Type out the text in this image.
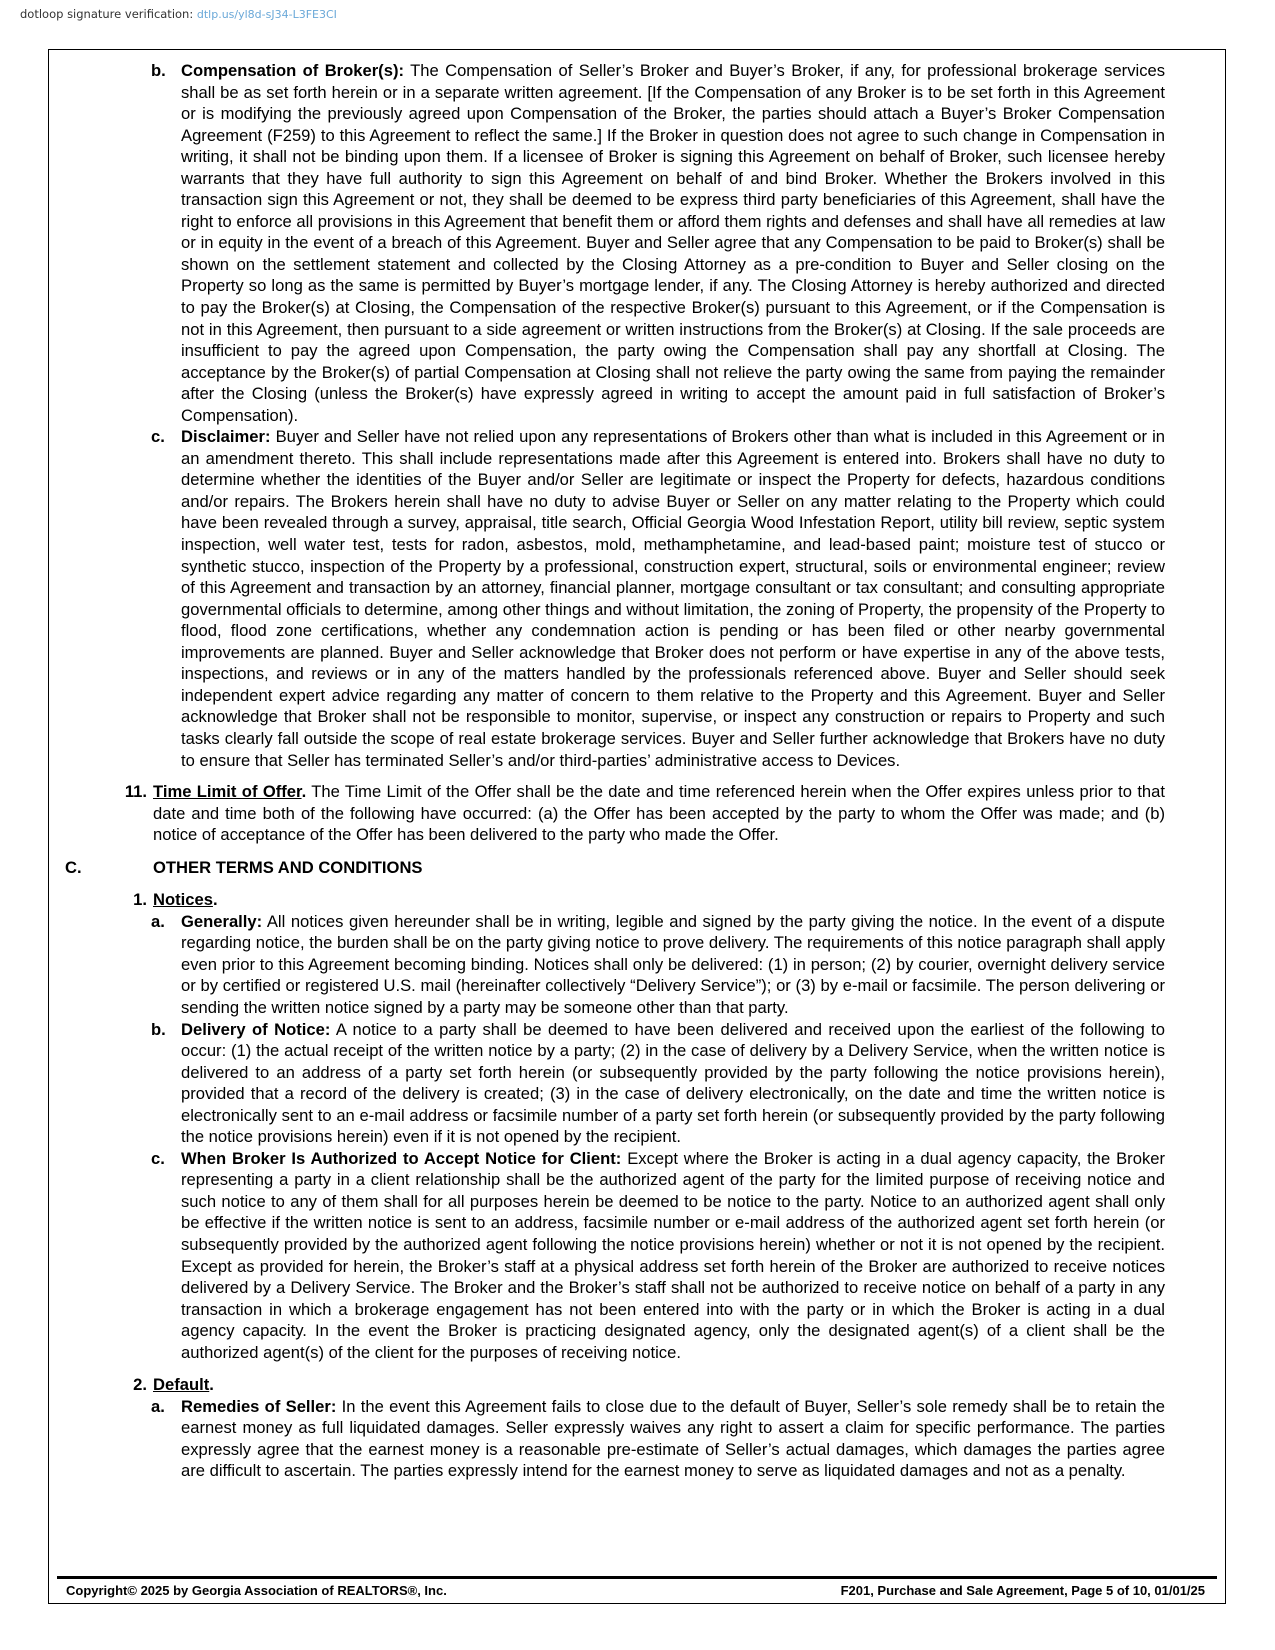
dotloop signature verification: dtlp.us/yl8d-sJ34-L3FE3CI
b. Compensation of Broker(s): The Compensation of Seller’s Broker and Buyer’s Broker, if any, for professional brokerage services shall be as set forth herein or in a separate written agreement. [If the Compensation of any Broker is to be set forth in this Agreement or is modifying the previously agreed upon Compensation of the Broker, the parties should attach a Buyer’s Broker Compensation Agreement (F259) to this Agreement to reflect the same.] If the Broker in question does not agree to such change in Compensation in writing, it shall not be binding upon them. If a licensee of Broker is signing this Agreement on behalf of Broker, such licensee hereby warrants that they have full authority to sign this Agreement on behalf of and bind Broker. Whether the Brokers involved in this transaction sign this Agreement or not, they shall be deemed to be express third party beneficiaries of this Agreement, shall have the right to enforce all provisions in this Agreement that benefit them or afford them rights and defenses and shall have all remedies at law or in equity in the event of a breach of this Agreement. Buyer and Seller agree that any Compensation to be paid to Broker(s) shall be shown on the settlement statement and collected by the Closing Attorney as a pre-condition to Buyer and Seller closing on the Property so long as the same is permitted by Buyer’s mortgage lender, if any. The Closing Attorney is hereby authorized and directed to pay the Broker(s) at Closing, the Compensation of the respective Broker(s) pursuant to this Agreement, or if the Compensation is not in this Agreement, then pursuant to a side agreement or written instructions from the Broker(s) at Closing. If the sale proceeds are insufficient to pay the agreed upon Compensation, the party owing the Compensation shall pay any shortfall at Closing. The acceptance by the Broker(s) of partial Compensation at Closing shall not relieve the party owing the same from paying the remainder after the Closing (unless the Broker(s) have expressly agreed in writing to accept the amount paid in full satisfaction of Broker’s Compensation).
c. Disclaimer: Buyer and Seller have not relied upon any representations of Brokers other than what is included in this Agreement or in an amendment thereto. This shall include representations made after this Agreement is entered into. Brokers shall have no duty to determine whether the identities of the Buyer and/or Seller are legitimate or inspect the Property for defects, hazardous conditions and/or repairs. The Brokers herein shall have no duty to advise Buyer or Seller on any matter relating to the Property which could have been revealed through a survey, appraisal, title search, Official Georgia Wood Infestation Report, utility bill review, septic system inspection, well water test, tests for radon, asbestos, mold, methamphetamine, and lead-based paint; moisture test of stucco or synthetic stucco, inspection of the Property by a professional, construction expert, structural, soils or environmental engineer; review of this Agreement and transaction by an attorney, financial planner, mortgage consultant or tax consultant; and consulting appropriate governmental officials to determine, among other things and without limitation, the zoning of Property, the propensity of the Property to flood, flood zone certifications, whether any condemnation action is pending or has been filed or other nearby governmental improvements are planned. Buyer and Seller acknowledge that Broker does not perform or have expertise in any of the above tests, inspections, and reviews or in any of the matters handled by the professionals referenced above. Buyer and Seller should seek independent expert advice regarding any matter of concern to them relative to the Property and this Agreement. Buyer and Seller acknowledge that Broker shall not be responsible to monitor, supervise, or inspect any construction or repairs to Property and such tasks clearly fall outside the scope of real estate brokerage services. Buyer and Seller further acknowledge that Brokers have no duty to ensure that Seller has terminated Seller’s and/or third-parties’ administrative access to Devices.
11. Time Limit of Offer. The Time Limit of the Offer shall be the date and time referenced herein when the Offer expires unless prior to that date and time both of the following have occurred: (a) the Offer has been accepted by the party to whom the Offer was made; and (b) notice of acceptance of the Offer has been delivered to the party who made the Offer.
C.	OTHER TERMS AND CONDITIONS
1. Notices.
a. Generally: All notices given hereunder shall be in writing, legible and signed by the party giving the notice. In the event of a dispute regarding notice, the burden shall be on the party giving notice to prove delivery. The requirements of this notice paragraph shall apply even prior to this Agreement becoming binding. Notices shall only be delivered: (1) in person; (2) by courier, overnight delivery service or by certified or registered U.S. mail (hereinafter collectively “Delivery Service”); or (3) by e-mail or facsimile. The person delivering or sending the written notice signed by a party may be someone other than that party.
b. Delivery of Notice: A notice to a party shall be deemed to have been delivered and received upon the earliest of the following to occur: (1) the actual receipt of the written notice by a party; (2) in the case of delivery by a Delivery Service, when the written notice is delivered to an address of a party set forth herein (or subsequently provided by the party following the notice provisions herein), provided that a record of the delivery is created; (3) in the case of delivery electronically, on the date and time the written notice is electronically sent to an e-mail address or facsimile number of a party set forth herein (or subsequently provided by the party following the notice provisions herein) even if it is not opened by the recipient.
c. When Broker Is Authorized to Accept Notice for Client: Except where the Broker is acting in a dual agency capacity, the Broker representing a party in a client relationship shall be the authorized agent of the party for the limited purpose of receiving notice and such notice to any of them shall for all purposes herein be deemed to be notice to the party. Notice to an authorized agent shall only be effective if the written notice is sent to an address, facsimile number or e-mail address of the authorized agent set forth herein (or subsequently provided by the authorized agent following the notice provisions herein) whether or not it is not opened by the recipient. Except as provided for herein, the Broker’s staff at a physical address set forth herein of the Broker are authorized to receive notices delivered by a Delivery Service. The Broker and the Broker’s staff shall not be authorized to receive notice on behalf of a party in any transaction in which a brokerage engagement has not been entered into with the party or in which the Broker is acting in a dual agency capacity. In the event the Broker is practicing designated agency, only the designated agent(s) of a client shall be the authorized agent(s) of the client for the purposes of receiving notice.
2. Default.
a. Remedies of Seller: In the event this Agreement fails to close due to the default of Buyer, Seller’s sole remedy shall be to retain the earnest money as full liquidated damages. Seller expressly waives any right to assert a claim for specific performance. The parties expressly agree that the earnest money is a reasonable pre-estimate of Seller’s actual damages, which damages the parties agree are difficult to ascertain. The parties expressly intend for the earnest money to serve as liquidated damages and not as a penalty.
Copyright© 2025 by Georgia Association of REALTORS®, Inc.	F201, Purchase and Sale Agreement, Page 5 of 10, 01/01/25
